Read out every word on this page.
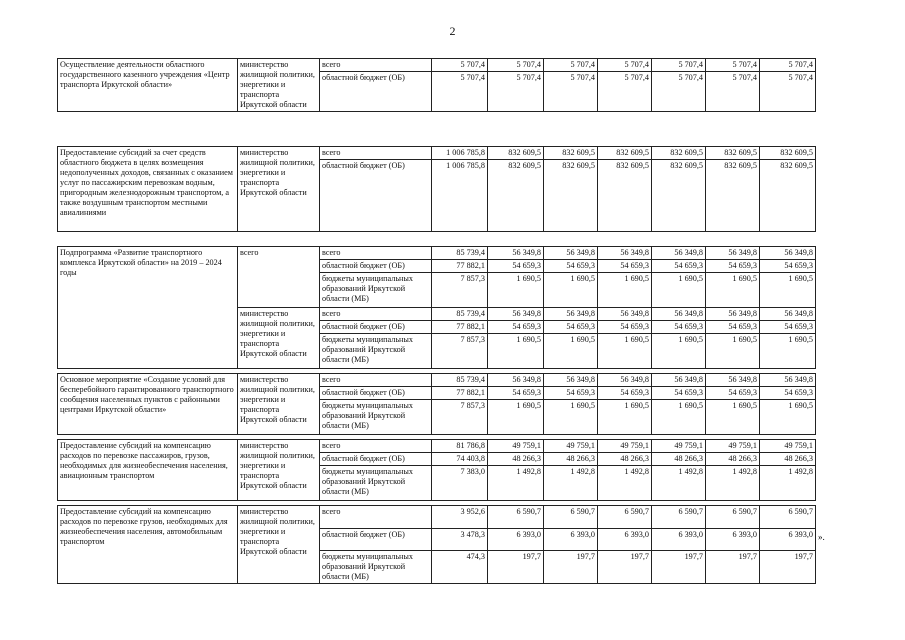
2
Осуществление деятельности областного государственного казенного учреждения «Центр транспорта Иркутской области»	министерство жилищной политики, энергетики и транспорта Иркутской области	всего	5 707,4	5 707,4	5 707,4	5 707,4	5 707,4	5 707,4	5 707,4
		областной бюджет (ОБ)	5 707,4	5 707,4	5 707,4	5 707,4	5 707,4	5 707,4	5 707,4

Предоставление субсидий за счет средств областного бюджета в целях возмещения недополученных доходов, связанных с оказанием услуг по пассажирским перевозкам водным, пригородным железнодорожным транспортом, а также воздушным транспортом местными авиалиниями	министерство жилищной политики, энергетики и транспорта Иркутской области	всего	1 006 785,8	832 609,5	832 609,5	832 609,5	832 609,5	832 609,5	832 609,5
		областной бюджет (ОБ)	1 006 785,8	832 609,5	832 609,5	832 609,5	832 609,5	832 609,5	832 609,5

Подпрограмма «Развитие транспортного комплекса Иркутской области» на 2019 – 2024 годы	всего	всего	85 739,4	56 349,8	56 349,8	56 349,8	56 349,8	56 349,8	56 349,8
		областной бюджет (ОБ)	77 882,1	54 659,3	54 659,3	54 659,3	54 659,3	54 659,3	54 659,3
		бюджеты муниципальных образований Иркутской области (МБ)	7 857,3	1 690,5	1 690,5	1 690,5	1 690,5	1 690,5	1 690,5
	министерство жилищной политики, энергетики и транспорта Иркутской области	всего	85 739,4	56 349,8	56 349,8	56 349,8	56 349,8	56 349,8	56 349,8
		областной бюджет (ОБ)	77 882,1	54 659,3	54 659,3	54 659,3	54 659,3	54 659,3	54 659,3
		бюджеты муниципальных образований Иркутской области (МБ)	7 857,3	1 690,5	1 690,5	1 690,5	1 690,5	1 690,5	1 690,5

Основное мероприятие «Создание условий для бесперебойного гарантированного транспортного сообщения населенных пунктов с районными центрами Иркутской области»	министерство жилищной политики, энергетики и транспорта Иркутской области	всего	85 739,4	56 349,8	56 349,8	56 349,8	56 349,8	56 349,8	56 349,8
		областной бюджет (ОБ)	77 882,1	54 659,3	54 659,3	54 659,3	54 659,3	54 659,3	54 659,3
		бюджеты муниципальных образований Иркутской области (МБ)	7 857,3	1 690,5	1 690,5	1 690,5	1 690,5	1 690,5	1 690,5

Предоставление субсидий на компенсацию расходов по перевозке пассажиров, грузов, необходимых для жизнеобеспечения населения, авиационным транспортом	министерство жилищной политики, энергетики и транспорта Иркутской области	всего	81 786,8	49 759,1	49 759,1	49 759,1	49 759,1	49 759,1	49 759,1
		областной бюджет (ОБ)	74 403,8	48 266,3	48 266,3	48 266,3	48 266,3	48 266,3	48 266,3
		бюджеты муниципальных образований Иркутской области (МБ)	7 383,0	1 492,8	1 492,8	1 492,8	1 492,8	1 492,8	1 492,8

Предоставление субсидий на компенсацию расходов по перевозке грузов, необходимых для жизнеобеспечения населения, автомобильным транспортом	министерство жилищной политики, энергетики и транспорта Иркутской области	всего	3 952,6	6 590,7	6 590,7	6 590,7	6 590,7	6 590,7	6 590,7
		областной бюджет (ОБ)	3 478,3	6 393,0	6 393,0	6 393,0	6 393,0	6 393,0	6 393,0
		бюджеты муниципальных образований Иркутской области (МБ)	474,3	197,7	197,7	197,7	197,7	197,7	197,7
».
